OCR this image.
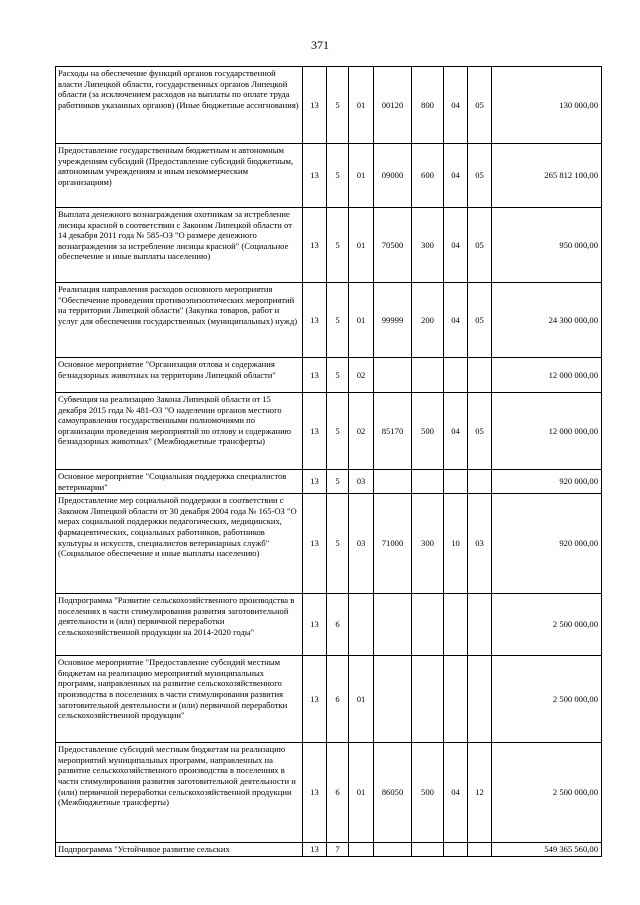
371
Расходы на обеспечение функций органов государственной власти Липецкой области, государственных органов Липецкой области (за исключением расходов на выплаты по оплате труда работников указанных органов) (Иные бюджетные ассигнования)	13	5	01	00120	800	04	05	130 000,00
Предоставление государственным бюджетным и автономным учреждениям субсидий (Предоставление субсидий бюджетным, автономным учреждениям и иным некоммерческим организациям)	13	5	01	09000	600	04	05	265 812 100,00
Выплата денежного вознаграждения охотникам за истребление лисицы красной в соответствии с Законом Липецкой области от 14 декабря 2011 года № 585-ОЗ "О размере денежного вознаграждения за истребление лисицы красной" (Социальное обеспечение и иные выплаты населению)	13	5	01	70500	300	04	05	950 000,00
Реализация направления расходов основного мероприятия "Обеспечение проведения противоэпизоотических мероприятий на территории Липецкой области" (Закупка товаров, работ и услуг для обеспечения государственных (муниципальных) нужд)	13	5	01	99999	200	04	05	24 300 000,00
Основное мероприятие "Организация отлова и содержания безнадзорных животных на территории Липецкой области"	13	5	02					12 000 000,00
Субвенция на реализацию Закона Липецкой области от 15 декабря 2015 года № 481-ОЗ "О наделении органов местного самоуправления государственными полномочиями по организации проведения мероприятий по отлову и содержанию безнадзорных животных" (Межбюджетные трансферты)	13	5	02	85170	500	04	05	12 000 000,00
Основное мероприятие "Социальная поддержка специалистов ветеринарии"	13	5	03					920 000,00
Предоставление мер социальной поддержки в соответствии с Законом Липецкой области от 30 декабря 2004 года № 165-ОЗ "О мерах социальной поддержки педагогических, медицинских, фармацевтических, социальных работников, работников культуры и искусств, специалистов ветеринарных служб" (Социальное обеспечение и иные выплаты населению)	13	5	03	71000	300	10	03	920 000,00
Подпрограмма "Развитие сельскохозяйственного производства в поселениях в части стимулирования развития заготовительной деятельности и (или) первичной переработки сельскохозяйственной продукции на 2014-2020 годы"	13	6						2 500 000,00
Основное мероприятие "Предоставление субсидий местным бюджетам на реализацию мероприятий муниципальных программ, направленных на развитие сельскохозяйственного производства в поселениях в части стимулирования развития заготовительной деятельности и (или) первичной переработки сельскохозяйственной продукции"	13	6	01					2 500 000,00
Предоставление субсидий местным бюджетам на реализацию мероприятий муниципальных программ, направленных на развитие сельскохозяйственного производства в поселениях в части стимулирования развития заготовительной деятельности и (или) первичной переработки сельскохозяйственной продукции (Межбюджетные трансферты)	13	6	01	86050	500	04	12	2 500 000,00
Подпрограмма "Устойчивое развитие сельских	13	7						549 365 560,00
